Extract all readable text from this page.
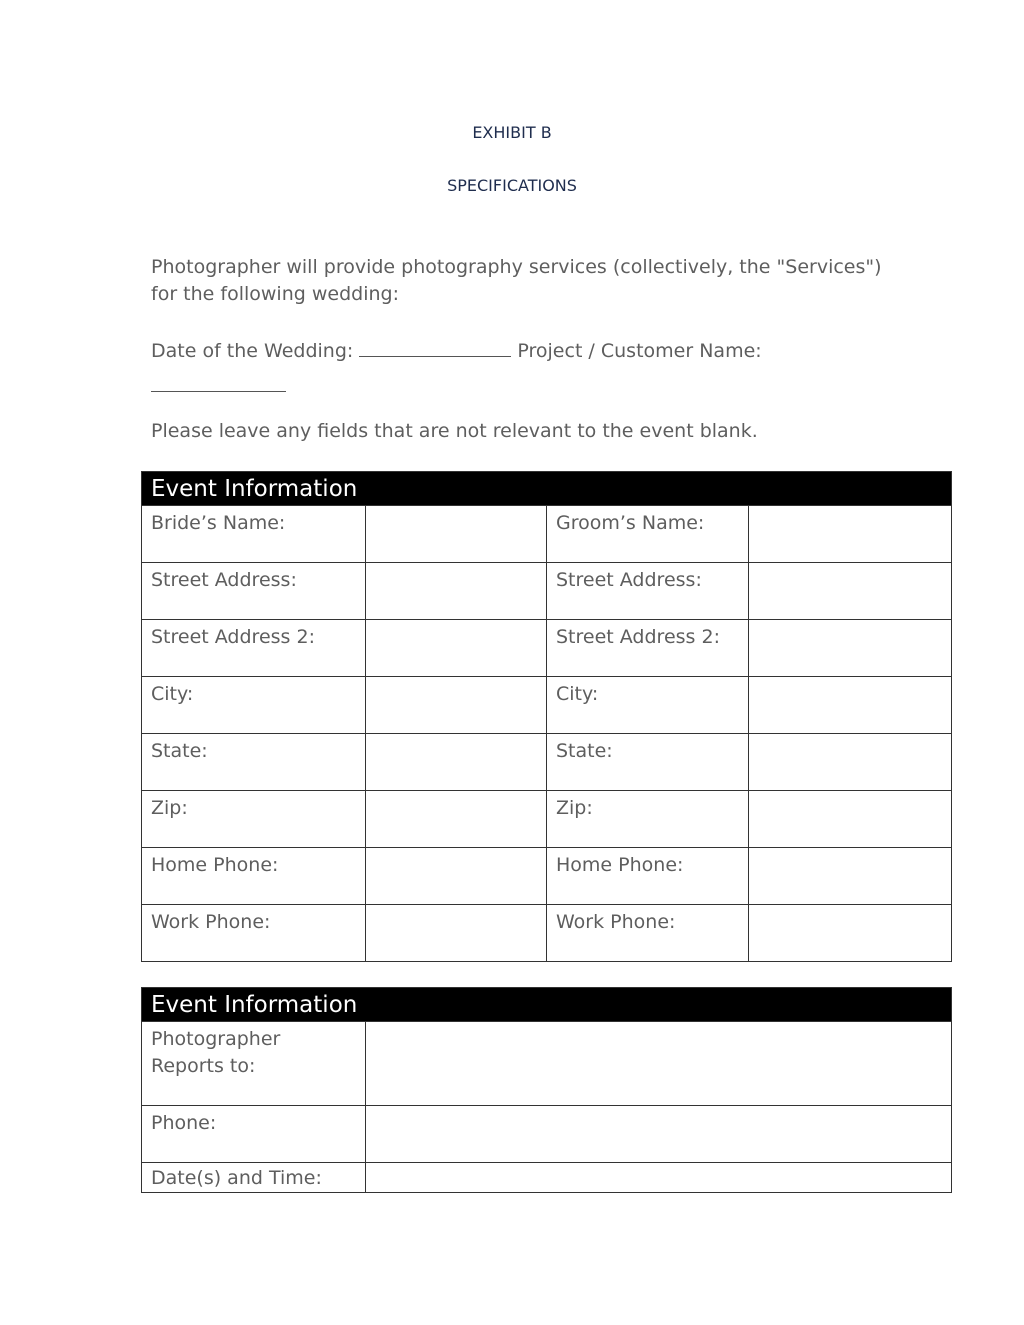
EXHIBIT B
SPECIFICATIONS
Photographer will provide photography services (collectively, the "Services") for the following wedding:
Date of the Wedding:	Project / Customer Name:

Please leave any fields that are not relevant to the event blank.
Event Information			
Bride’s Name:		Groom’s Name:	
Street Address:		Street Address:	
Street Address 2:		Street Address 2:	
City:		City:	
State:		State:	
Zip:		Zip:	
Home Phone:		Home Phone:	
Work Phone:		Work Phone:	
Event Information	
Photographer Reports to:	
Phone:	
Date(s) and Time:	
